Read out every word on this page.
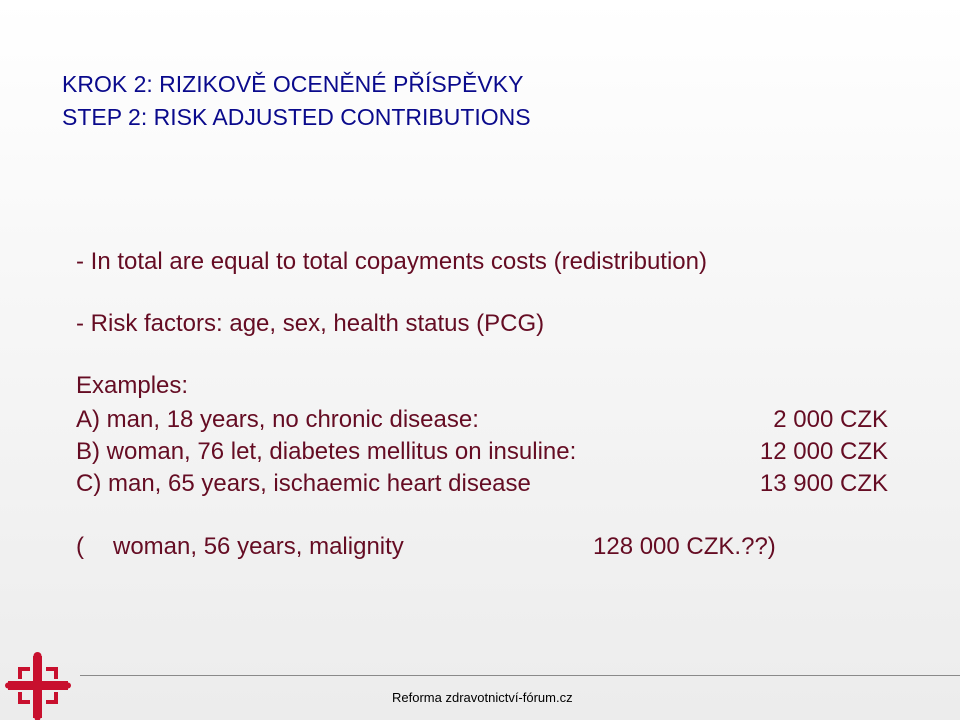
KROK 2: RIZIKOVĚ OCENĚNÉ PŘÍSPĚVKY
STEP 2: RISK ADJUSTED CONTRIBUTIONS
- In total are equal to total copayments costs (redistribution)
- Risk factors: age, sex, health status (PCG)
Examples:
A) man, 18 years, no chronic disease:	2 000 CZK
B) woman, 76 let, diabetes mellitus on insuline:	12 000 CZK
C) man, 65 years, ischaemic heart disease	13 900 CZK
( woman, 56 years, malignity	128 000 CZK.??)
Reforma zdravotnictví-fórum.cz
